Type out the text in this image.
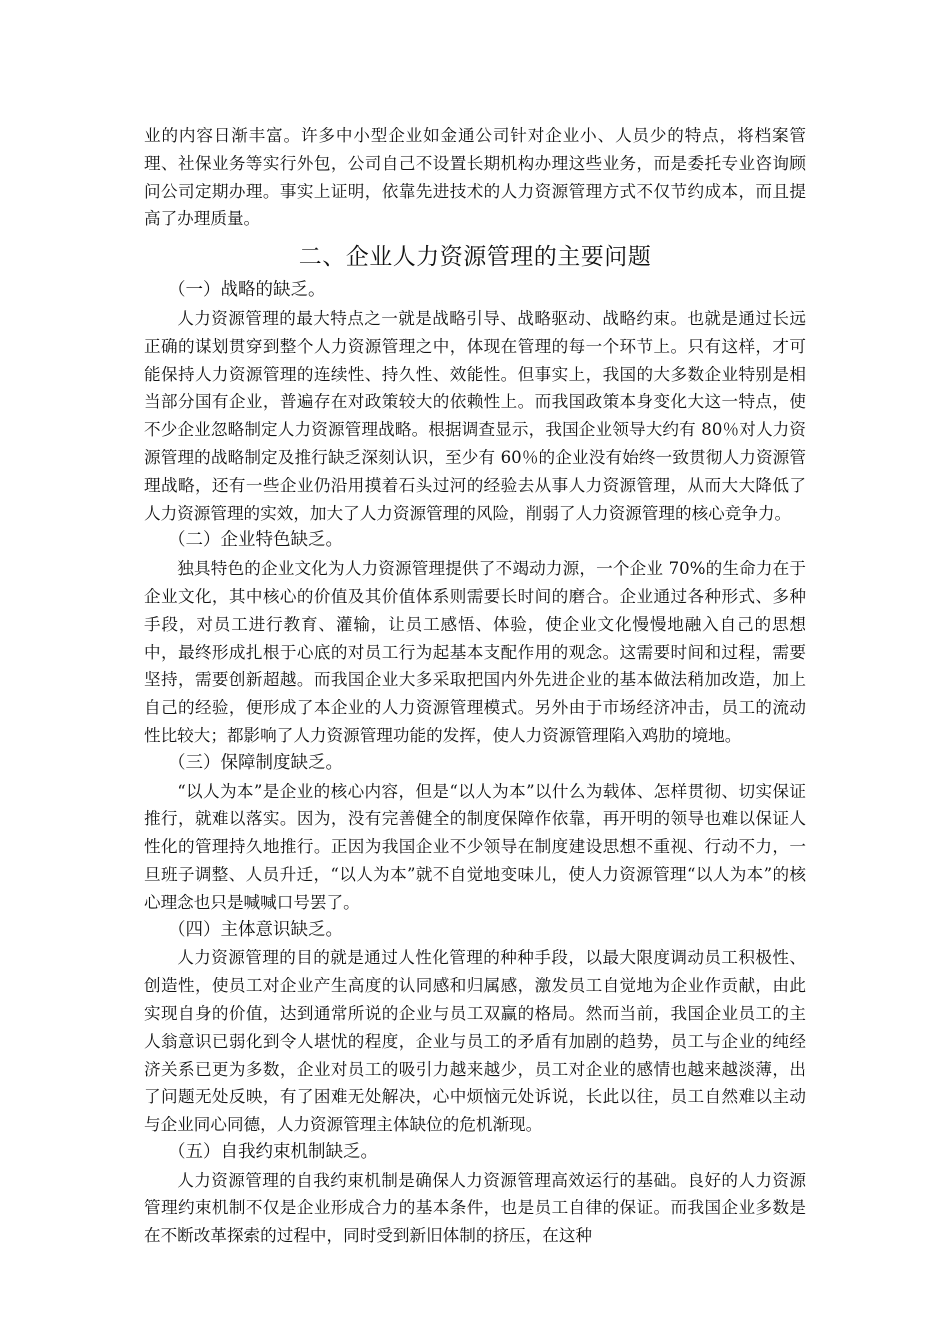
业的内容日渐丰富。许多中小型企业如金通公司针对企业小、人员少的特点，将档案管理、社保业务等实行外包，公司自己不设置长期机构办理这些业务，而是委托专业咨询顾问公司定期办理。事实上证明，依靠先进技术的人力资源管理方式不仅节约成本，而且提高了办理质量。

二、企业人力资源管理的主要问题
（一）战略的缺乏。

人力资源管理的最大特点之一就是战略引导、战略驱动、战略约束。也就是通过长远正确的谋划贯穿到整个人力资源管理之中，体现在管理的每一个环节上。只有这样，才可能保持人力资源管理的连续性、持久性、效能性。但事实上，我国的大多数企业特别是相当部分国有企业，普遍存在对政策较大的依赖性上。而我国政策本身变化大这一特点，使不少企业忽略制定人力资源管理战略。根据调查显示，我国企业领导大约有 80％对人力资源管理的战略制定及推行缺乏深刻认识，至少有 60％的企业没有始终一致贯彻人力资源管理战略，还有一些企业仍沿用摸着石头过河的经验去从事人力资源管理，从而大大降低了人力资源管理的实效，加大了人力资源管理的风险，削弱了人力资源管理的核心竞争力。

（二）企业特色缺乏。

独具特色的企业文化为人力资源管理提供了不竭动力源，一个企业 70%的生命力在于企业文化，其中核心的价值及其价值体系则需要长时间的磨合。企业通过各种形式、多种手段，对员工进行教育、灌输，让员工感悟、体验，使企业文化慢慢地融入自己的思想中，最终形成扎根于心底的对员工行为起基本支配作用的观念。这需要时间和过程，需要坚持，需要创新超越。而我国企业大多采取把国内外先进企业的基本做法稍加改造，加上自己的经验，便形成了本企业的人力资源管理模式。另外由于市场经济冲击，员工的流动性比较大；都影响了人力资源管理功能的发挥，使人力资源管理陷入鸡肋的境地。

（三）保障制度缺乏。

“以人为本”是企业的核心内容，但是“以人为本”以什么为载体、怎样贯彻、切实保证推行，就难以落实。因为，没有完善健全的制度保障作依靠，再开明的领导也难以保证人性化的管理持久地推行。正因为我国企业不少领导在制度建设思想不重视、行动不力，一旦班子调整、人员升迁，“以人为本”就不自觉地变味儿，使人力资源管理“以人为本”的核心理念也只是喊喊口号罢了。

（四）主体意识缺乏。

人力资源管理的目的就是通过人性化管理的种种手段，以最大限度调动员工积极性、创造性，使员工对企业产生高度的认同感和归属感，激发员工自觉地为企业作贡献，由此实现自身的价值，达到通常所说的企业与员工双赢的格局。然而当前，我国企业员工的主人翁意识已弱化到令人堪忧的程度，企业与员工的矛盾有加剧的趋势，员工与企业的纯经济关系已更为多数，企业对员工的吸引力越来越少，员工对企业的感情也越来越淡薄，出了问题无处反映，有了困难无处解决，心中烦恼元处诉说，长此以往，员工自然难以主动与企业同心同德，人力资源管理主体缺位的危机渐现。

（五）自我约束机制缺乏。

人力资源管理的自我约束机制是确保人力资源管理高效运行的基础。良好的人力资源管理约束机制不仅是企业形成合力的基本条件，也是员工自律的保证。而我国企业多数是在不断改革探索的过程中，同时受到新旧体制的挤压，在这种
